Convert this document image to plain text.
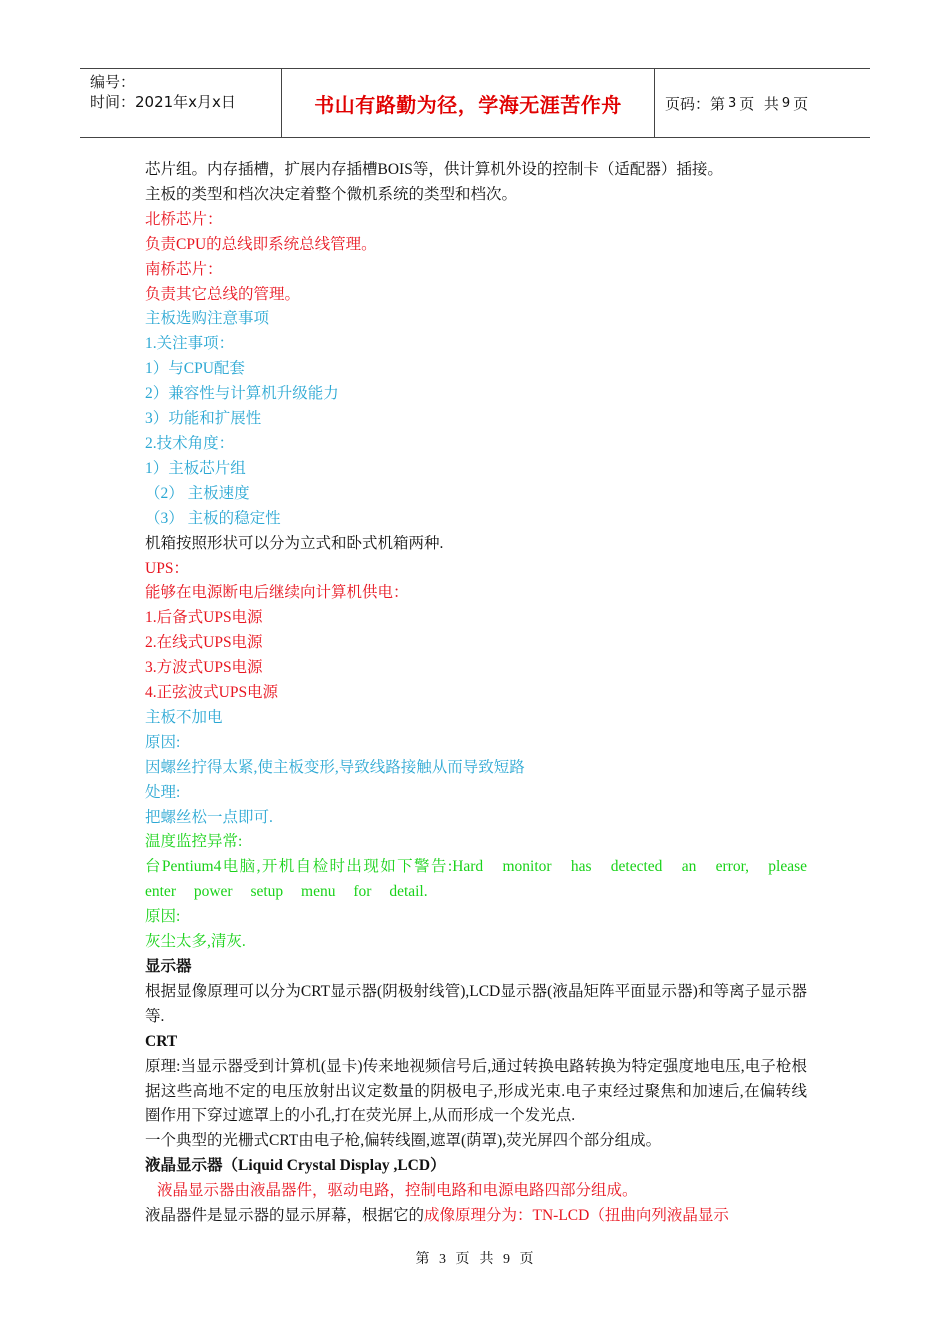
编号：
时间：2021年x月x日	书山有路勤为径，学海无涯苦作舟	页码：第 3 页  共 9 页
芯片组。内存插槽，扩展内存插槽BOIS等，供计算机外设的控制卡（适配器）插接。
主板的类型和档次决定着整个微机系统的类型和档次。
北桥芯片：
负责CPU的总线即系统总线管理。
南桥芯片：
负责其它总线的管理。
主板选购注意事项
1.关注事项：
1）与CPU配套
2）兼容性与计算机升级能力
3）功能和扩展性
2.技术角度：
1）主板芯片组
（2） 主板速度
（3） 主板的稳定性
机箱按照形状可以分为立式和卧式机箱两种.
UPS：
能够在电源断电后继续向计算机供电：
1.后备式UPS电源
2.在线式UPS电源
3.方波式UPS电源
4.正弦波式UPS电源
主板不加电
原因:
因螺丝拧得太紧,使主板变形,导致线路接触从而导致短路
处理:
把螺丝松一点即可.
温度监控异常:
台Pentium4电脑,开机自检时出现如下警告:Hard monitor has detected an error, please enter power setup menu for detail.
原因:
灰尘太多,清灰.
显示器
根据显像原理可以分为CRT显示器(阴极射线管),LCD显示器(液晶矩阵平面显示器)和等离子显示器等.
CRT
原理:当显示器受到计算机(显卡)传来地视频信号后,通过转换电路转换为特定强度地电压,电子枪根据这些高地不定的电压放射出议定数量的阴极电子,形成光束.电子束经过聚焦和加速后,在偏转线圈作用下穿过遮罩上的小孔,打在荧光屏上,从而形成一个发光点.
一个典型的光栅式CRT由电子枪,偏转线圈,遮罩(荫罩),荧光屏四个部分组成。
液晶显示器（Liquid Crystal Display ,LCD）
液晶显示器由液晶器件，驱动电路，控制电路和电源电路四部分组成。
液晶器件是显示器的显示屏幕，根据它的成像原理分为：TN-LCD（扭曲向列液晶显示
第 3 页  共 9 页
